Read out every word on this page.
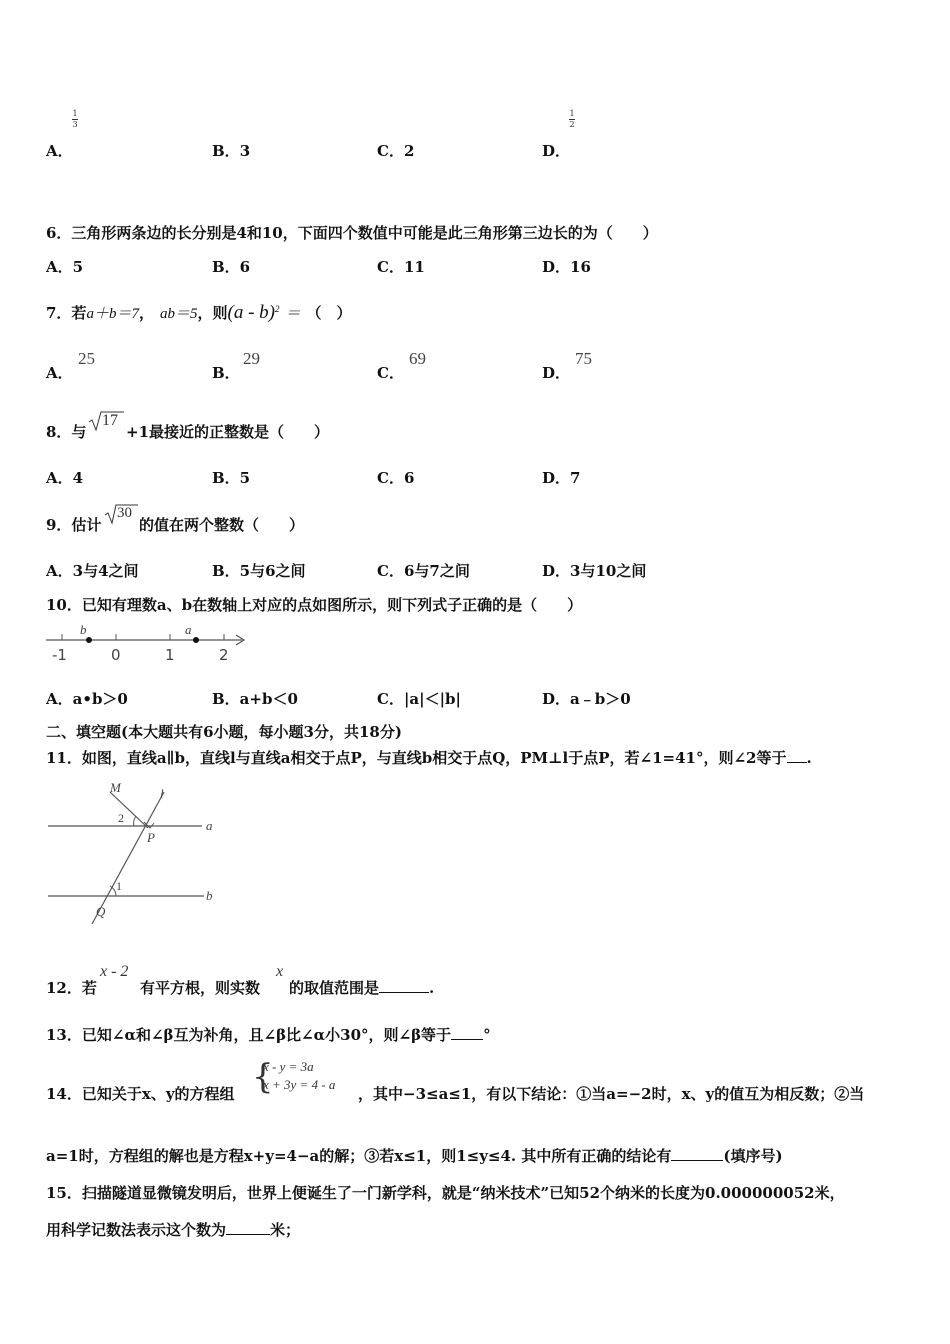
A．
1
3
B．3	C．2	D．
1
2
6．三角形两条边的长分别是4和10，下面四个数值中可能是此三角形第三边长的为（　　）
A．5	B．6	C．11	D．16
7．若a＋b＝7， ab＝5，则(a - b)$^2$ ＝ （　）
A．
25
B．
29
C．
69
D．
75
8．与
17
+1最接近的正整数是（　　）
A．4	B．5	C．6	D．7
9．估计
30
的值在两个整数（　　）
A．3与4之间	B．5与6之间	C．6与7之间	D．3与10之间
10．已知有理数a、b在数轴上对应的点如图所示，则下列式子正确的是（　　）
-1	0	1	2
b	a
A．a•b＞0	B．a+b＜0	C．|a|＜|b|	D．a﹣b＞0
二、填空题(本大题共有6小题，每小题3分，共18分)
11．如图，直线a∥b，直线l与直线a相交于点P，与直线b相交于点Q，PM⊥l于点P，若∠1=41°，则∠2等于 .
M	l
a
b
P
Q
1
2
12．若
x - 2
有平方根，则实数
x
的取值范围是	.
13．已知∠α和∠β互为补角，且∠β比∠α小30°，则∠β等于 °
14．已知关于x、y的方程组 {
x - y = 3a
x + 3y = 4 - a
，其中−3≤a≤1，有以下结论：①当a=−2时，x、y的值互为相反数；②当
a=1时，方程组的解也是方程x+y=4−a的解；③若x≤1，则1≤y≤4. 其中所有正确的结论有	(填序号)
15．扫描隧道显微镜发明后，世界上便诞生了一门新学科，就是“纳米技术”已知52个纳米的长度为0.000000052米，
用科学记数法表示这个数为	米；
